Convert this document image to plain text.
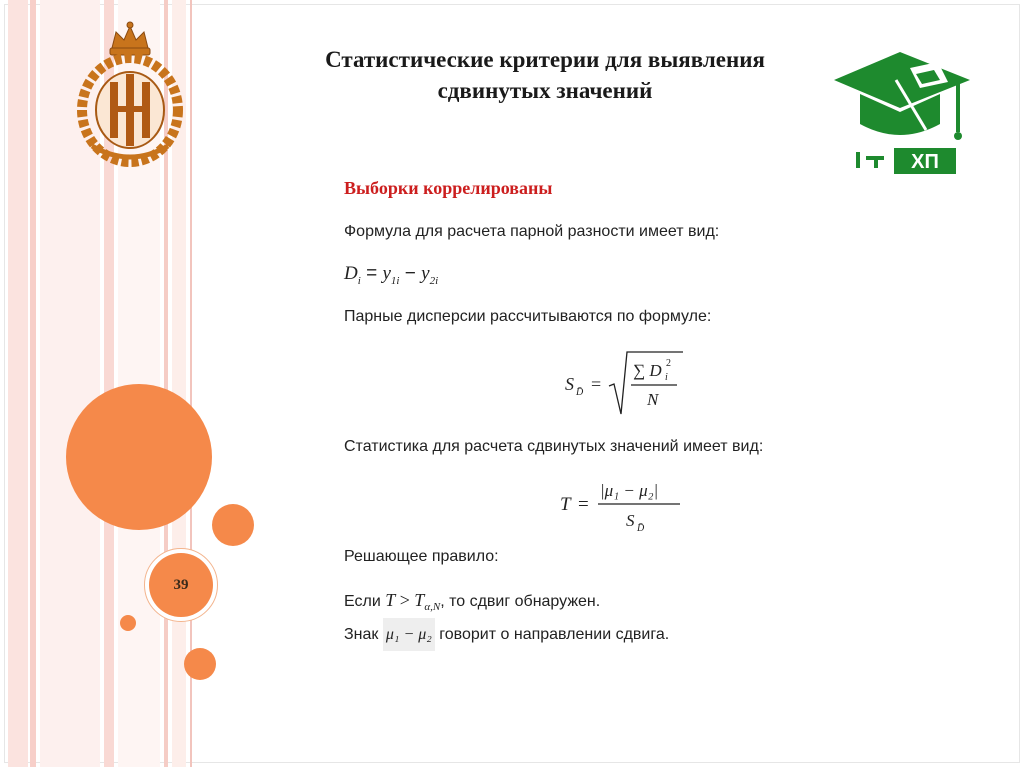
39
ХП
Статистические критерии для выявления
сдвинутых значений
Выборки коррелированы
Формула для расчета парной разности имеет вид:
$D_i = y_{1i} - y_{2i}$
Парные дисперсии рассчитываются по формуле:
S D̄ =
∑ D i
2
N
Статистика для расчета сдвинутых значений имеет вид:
T =
|μ₁ − μ₂|
S D̄
Решающее правило:
Если $T > T_{\alpha,N}$, то сдвиг обнаружен.
Знак μ₁ − μ₂ говорит о направлении сдвига.
